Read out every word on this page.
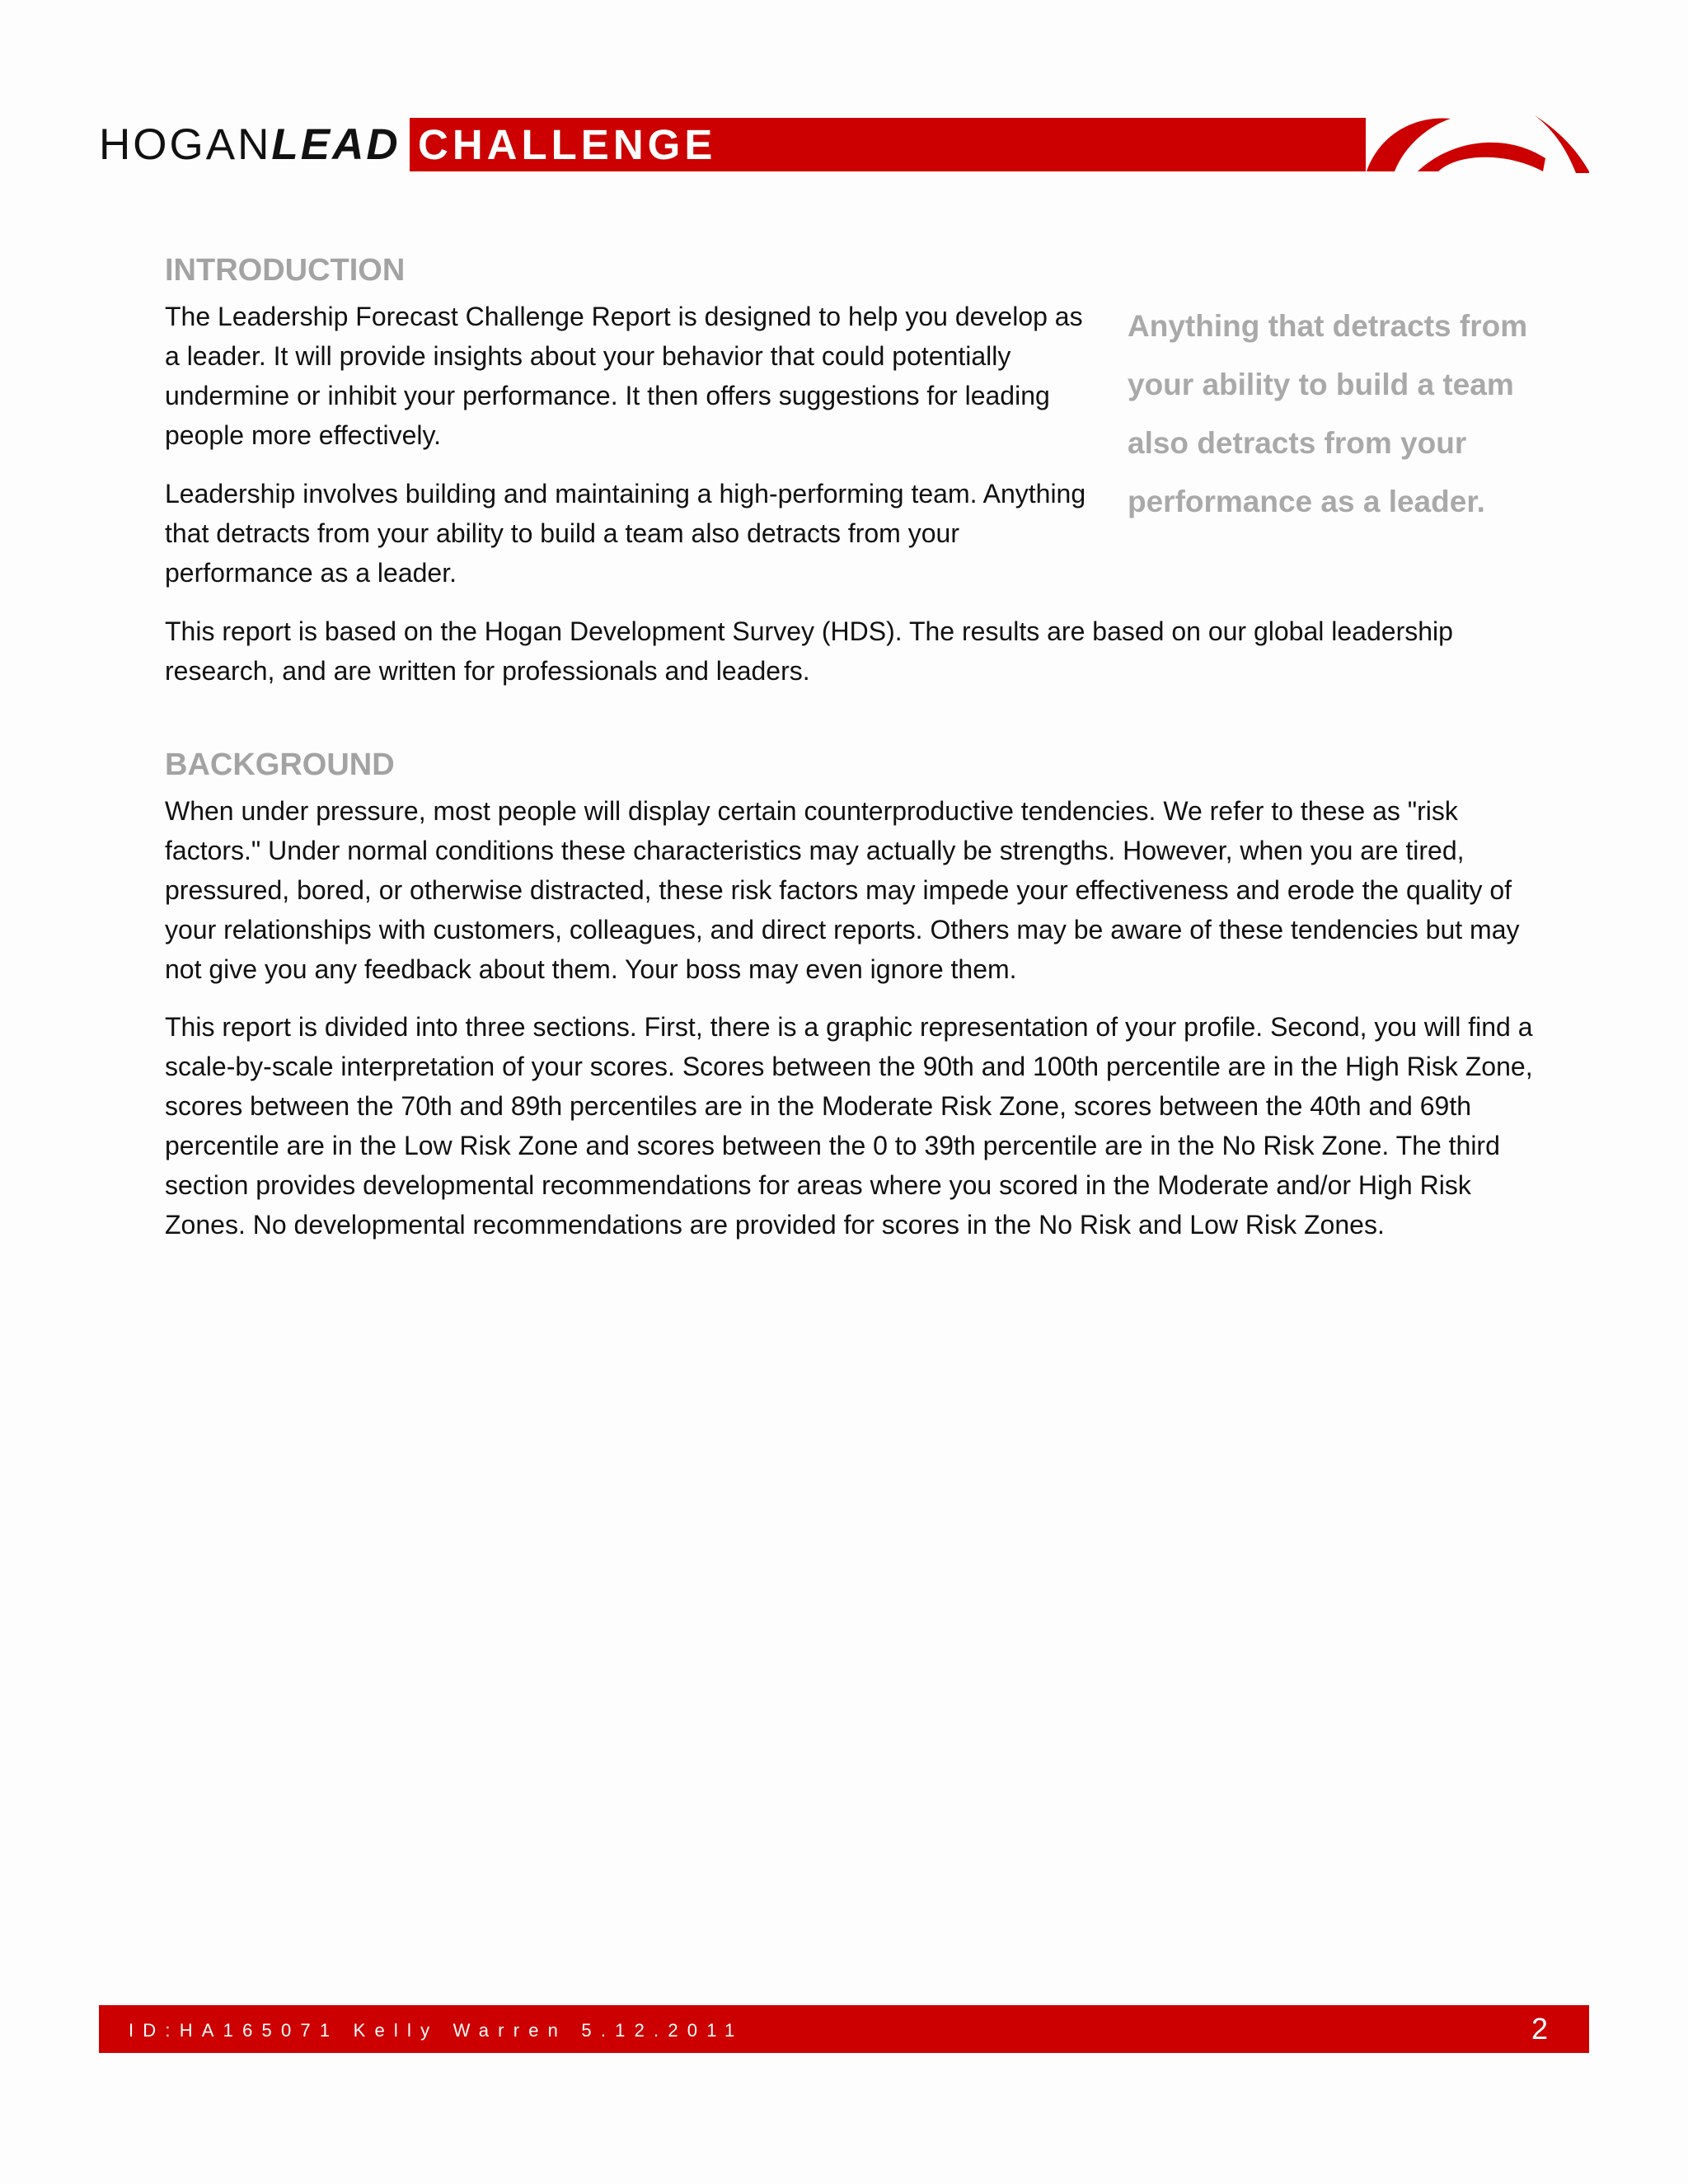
HOGANLEAD CHALLENGE
INTRODUCTION

The Leadership Forecast Challenge Report is designed to help you develop as a leader. It will provide insights about your behavior that could potentially undermine or inhibit your performance. It then offers suggestions for leading people more effectively.

Leadership involves building and maintaining a high-performing team. Anything that detracts from your ability to build a team also detracts from your performance as a leader.

This report is based on the Hogan Development Survey (HDS). The results are based on our global leadership research, and are written for professionals and leaders.

Anything that detracts from your ability to build a team also detracts from your performance as a leader.

BACKGROUND

When under pressure, most people will display certain counterproductive tendencies. We refer to these as "risk factors." Under normal conditions these characteristics may actually be strengths. However, when you are tired, pressured, bored, or otherwise distracted, these risk factors may impede your effectiveness and erode the quality of your relationships with customers, colleagues, and direct reports. Others may be aware of these tendencies but may not give you any feedback about them. Your boss may even ignore them.

This report is divided into three sections. First, there is a graphic representation of your profile. Second, you will find a scale-by-scale interpretation of your scores. Scores between the 90th and 100th percentile are in the High Risk Zone, scores between the 70th and 89th percentiles are in the Moderate Risk Zone, scores between the 40th and 69th percentile are in the Low Risk Zone and scores between the 0 to 39th percentile are in the No Risk Zone. The third section provides developmental recommendations for areas where you scored in the Moderate and/or High Risk Zones. No developmental recommendations are provided for scores in the No Risk and Low Risk Zones.

ID:HA165071 Kelly Warren 5.12.2011	2
